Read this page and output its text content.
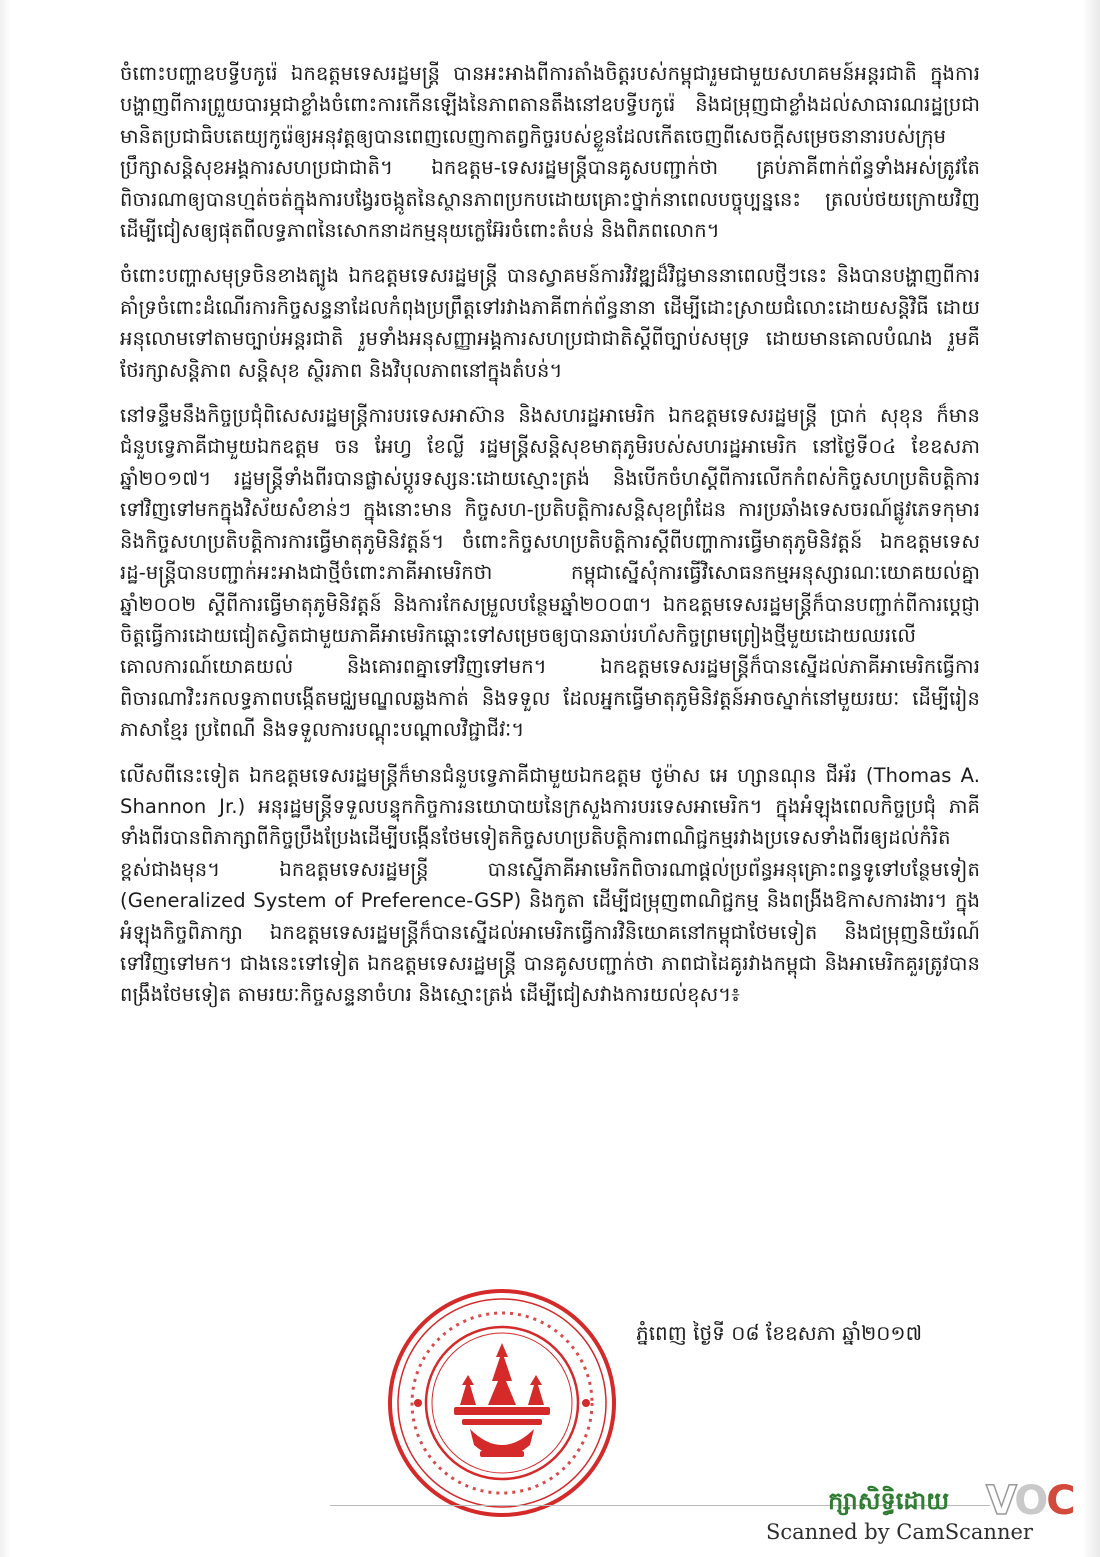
ចំពោះបញ្ហាឧបទ្វីបកូរ៉េ ឯកឧត្តមទេសរដ្ឋមន្ត្រី បានអះអាងពីការតាំងចិត្តរបស់កម្ពុជារួមជាមួយសហគមន៍អន្តរជាតិ ក្នុងការបង្ហាញពីការព្រួយបារម្ភជាខ្លាំងចំពោះការកើនឡើងនៃភាពតានតឹងនៅឧបទ្វីបកូរ៉េ និងជម្រុញជាខ្លាំងដល់សាធារណរដ្ឋប្រជាមានិតប្រជាធិបតេយ្យកូរ៉េឲ្យអនុវត្តឲ្យបានពេញលេញកាតព្វកិច្ចរបស់ខ្លួនដែលកើតចេញពីសេចក្តីសម្រេចនានារបស់ក្រុមប្រឹក្សាសន្តិសុខអង្គការសហប្រជាជាតិ។ ឯកឧត្តម-ទេសរដ្ឋមន្ត្រីបានគូសបញ្ជាក់ថា គ្រប់ភាគីពាក់ព័ន្ធទាំងអស់ត្រូវតែពិចារណាឲ្យបានហ្មត់ចត់ក្នុងការបង្វែរចង្កូតនៃស្ថានភាពប្រកបដោយគ្រោះថ្នាក់នាពេលបច្ចុប្បន្ននេះ ត្រលប់ថយក្រោយវិញ ដើម្បីជៀសឲ្យផុតពីលទ្ធភាពនៃសោកនាដកម្មនុយក្លេអ៊ែរចំពោះតំបន់ និងពិភពលោក។

ចំពោះបញ្ហាសមុទ្រចិនខាងត្បូង ឯកឧត្តមទេសរដ្ឋមន្ត្រី បានស្វាគមន៍ការវិវឌ្ឍដ៏វិជ្ជមាននាពេលថ្មីៗនេះ និងបានបង្ហាញពីការគាំទ្រចំពោះដំណើរការកិច្ចសន្ទនាដែលកំពុងប្រព្រឹត្តទៅរវាងភាគីពាក់ព័ន្ធនានា ដើម្បីដោះស្រាយជំលោះដោយសន្តិវិធី ដោយអនុលោមទៅតាមច្បាប់អន្តរជាតិ រួមទាំងអនុសញ្ញាអង្គការសហប្រជាជាតិស្តីពីច្បាប់សមុទ្រ ដោយមានគោលបំណង រួមគឺថែរក្សាសន្តិភាព សន្តិសុខ ស្ថិរភាព និងវិបុលភាពនៅក្នុងតំបន់។

នៅទន្ទឹមនឹងកិច្ចប្រជុំពិសេសរដ្ឋមន្ត្រីការបរទេសអាស៊ាន និងសហរដ្ឋអាមេរិក ឯកឧត្តមទេសរដ្ឋមន្ត្រី ប្រាក់ សុខុន ក៏មានជំនួបទ្វេភាគីជាមួយឯកឧត្តម ចន អែហ្វ ខែល្លី រដ្ឋមន្ត្រីសន្តិសុខមាតុភូមិរបស់សហរដ្ឋអាមេរិក នៅថ្ងៃទី០៤ ខែឧសភា ឆ្នាំ២០១៧។ រដ្ឋមន្ត្រីទាំងពីរបានផ្លាស់ប្តូរទស្សនៈដោយស្មោះត្រង់ និងបើកចំហស្តីពីការលើកកំពស់កិច្ចសហប្រតិបត្តិការទៅវិញទៅមកក្នុងវិស័យសំខាន់ៗ ក្នុងនោះមាន កិច្ចសហ-ប្រតិបត្តិការសន្តិសុខព្រំដែន ការប្រឆាំងទេសចរណ៍ផ្លូវភេទកុមារ និងកិច្ចសហប្រតិបត្តិការការធ្វើមាតុភូមិនិវត្តន៍។ ចំពោះកិច្ចសហប្រតិបត្តិការស្តីពីបញ្ហាការធ្វើមាតុភូមិនិវត្តន៍ ឯកឧត្តមទេសរដ្ឋ-មន្ត្រីបានបញ្ជាក់អះអាងជាថ្មីចំពោះភាគីអាមេរិកថា កម្ពុជាស្នើសុំការធ្វើវិសោធនកម្មអនុស្សារណៈយោគយល់គ្នាឆ្នាំ២០០២ ស្តីពីការធ្វើមាតុភូមិនិវត្តន៍ និងការកែសម្រួលបន្ថែមឆ្នាំ២០០៣។ ឯកឧត្តមទេសរដ្ឋមន្ត្រីក៏បានបញ្ជាក់ពីការប្តេជ្ញាចិត្តធ្វើការដោយជៀតស្វិតជាមួយភាគីអាមេរិកឆ្ពោះទៅសម្រេចឲ្យបានឆាប់រហ័សកិច្ចព្រមព្រៀងថ្មីមួយដោយឈរលើគោលការណ៍យោគយល់ និងគោរពគ្នាទៅវិញទៅមក។ ឯកឧត្តមទេសរដ្ឋមន្ត្រីក៏បានស្នើដល់ភាគីអាមេរិកធ្វើការពិចារណាវិះរកលទ្ធភាពបង្កើតមជ្ឈមណ្ឌលឆ្លងកាត់ និងទទួល ដែលអ្នកធ្វើមាតុភូមិនិវត្តន៍អាចស្នាក់នៅមួយរយៈ ដើម្បីរៀនភាសាខ្មែរ ប្រពៃណី និងទទួលការបណ្តុះបណ្តាលវិជ្ជាជីវៈ។

លើសពីនេះទៀត ឯកឧត្តមទេសរដ្ឋមន្ត្រីក៏មានជំនួបទ្វេភាគីជាមួយឯកឧត្តម ថូម៉ាស អេ ហ្សានណុន ជីអ័រ (Thomas A. Shannon Jr.) អនុរដ្ឋមន្ត្រីទទួលបន្ទុកកិច្ចការនយោបាយនៃក្រសួងការបរទេសអាមេរិក។ ក្នុងអំឡុងពេលកិច្ចប្រជុំ ភាគីទាំងពីរបានពិភាក្សាពីកិច្ចប្រឹងប្រែងដើម្បីបង្កើនថែមទៀតកិច្ចសហប្រតិបត្តិការពាណិជ្ជកម្មរវាងប្រទេសទាំងពីរឲ្យដល់កំរិតខ្ពស់ជាងមុន។ ឯកឧត្តមទេសរដ្ឋមន្ត្រី បានស្នើភាគីអាមេរិកពិចារណាផ្តល់ប្រព័ន្ធអនុគ្រោះពន្ធទូទៅបន្ថែមទៀត (Generalized System of Preference-GSP) និងកូតា ដើម្បីជម្រុញពាណិជ្ជកម្ម និងពង្រីងឱកាសការងារ។ ក្នុងអំឡុងកិច្ចពិភាក្សា ឯកឧត្តមទេសរដ្ឋមន្ត្រីក៏បានស្នើដល់អាមេរិកធ្វើការវិនិយោគនៅកម្ពុជាថែមទៀត និងជម្រុញនិយ័រណ៍ទៅវិញទៅមក។ ជាងនេះទៅទៀត ឯកឧត្តមទេសរដ្ឋមន្ត្រី បានគូសបញ្ជាក់ថា ភាពជាដៃគូរវាងកម្ពុជា និងអាមេរិកគួរត្រូវបានពង្រឹងថែមទៀត តាមរយៈកិច្ចសន្ទនាចំហរ និងស្មោះត្រង់ ដើម្បីជៀសវាងការយល់ខុស។៖

ភ្នំពេញ ថ្ងៃទី ០៨ ខែឧសភា ឆ្នាំ២០១៧
ក្សាសិទ្ធិដោយ VOC
Scanned by CamScanner
